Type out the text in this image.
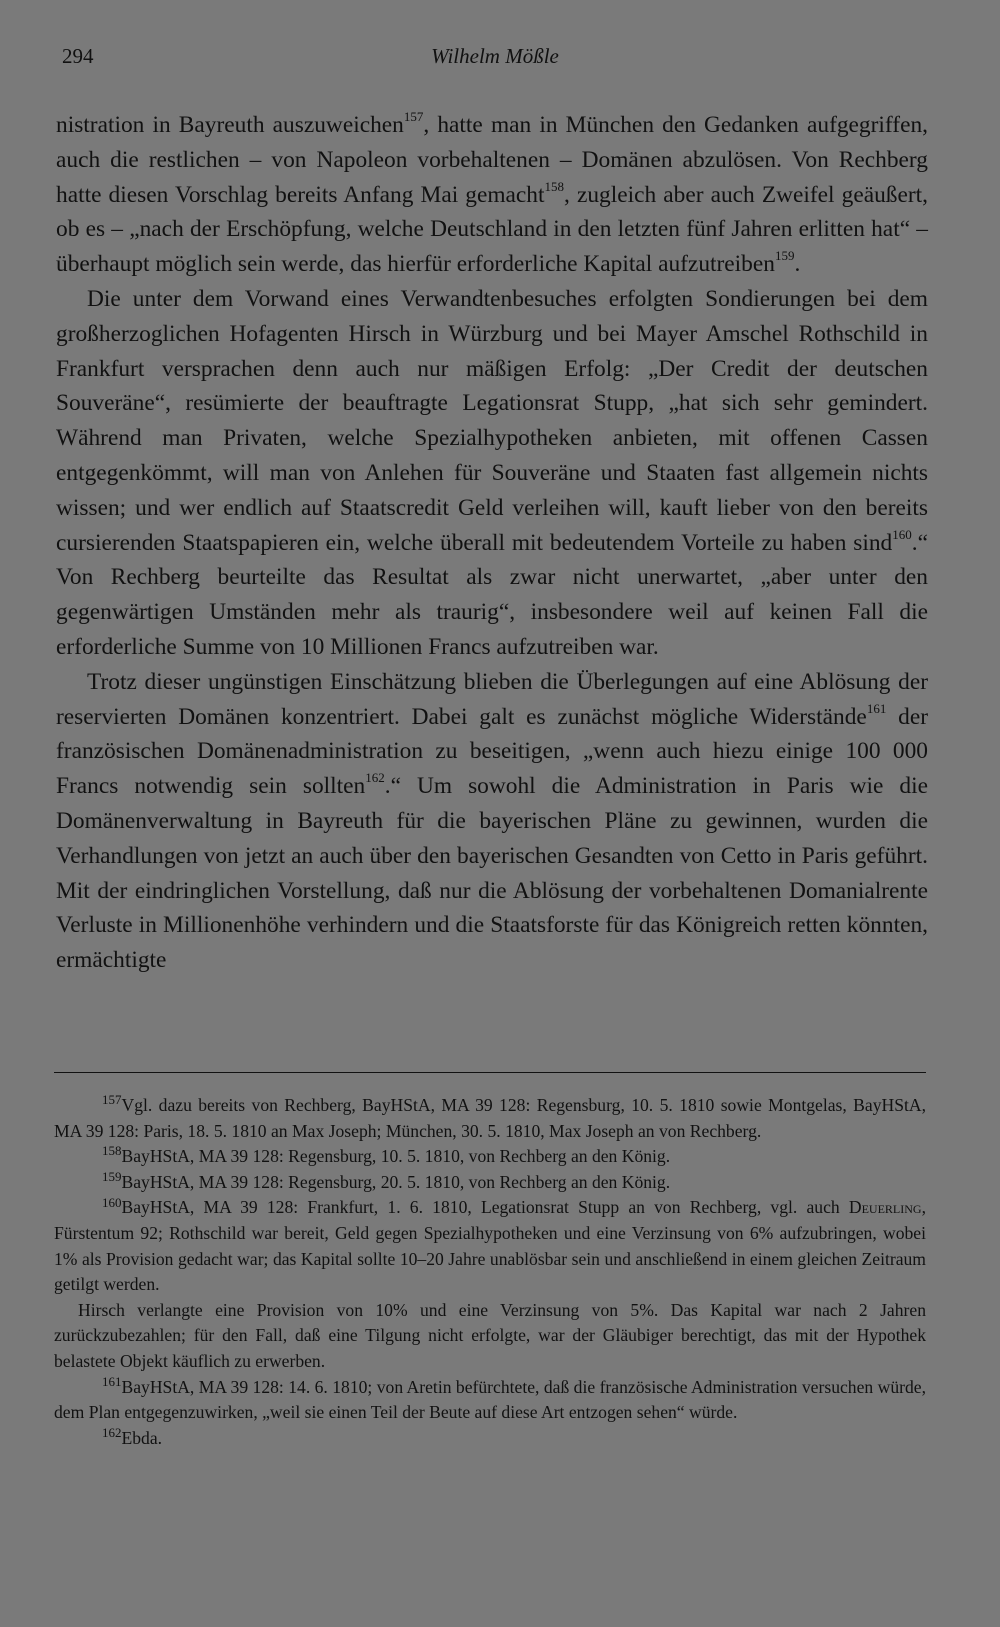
294	Wilhelm Mößle

nistration in Bayreuth auszuweichen$^{157}$, hatte man in München den Gedanken aufgegriffen, auch die restlichen – von Napoleon vorbehaltenen – Domänen abzulösen. Von Rechberg hatte diesen Vorschlag bereits Anfang Mai gemacht$^{158}$, zugleich aber auch Zweifel geäußert, ob es – „nach der Erschöpfung, welche Deutschland in den letzten fünf Jahren erlitten hat“ – überhaupt möglich sein werde, das hierfür erforderliche Kapital aufzutreiben$^{159}$.

Die unter dem Vorwand eines Verwandtenbesuches erfolgten Sondierungen bei dem großherzoglichen Hofagenten Hirsch in Würzburg und bei Mayer Amschel Rothschild in Frankfurt versprachen denn auch nur mäßigen Erfolg: „Der Credit der deutschen Souveräne“, resümierte der beauftragte Legationsrat Stupp, „hat sich sehr gemindert. Während man Privaten, welche Spezialhypotheken anbieten, mit offenen Cassen entgegenkömmt, will man von Anlehen für Souveräne und Staaten fast allgemein nichts wissen; und wer endlich auf Staatscredit Geld verleihen will, kauft lieber von den bereits cursierenden Staatspapieren ein, welche überall mit bedeutendem Vorteile zu haben sind$^{160}$.“ Von Rechberg beurteilte das Resultat als zwar nicht unerwartet, „aber unter den gegenwärtigen Umständen mehr als traurig“, insbesondere weil auf keinen Fall die erforderliche Summe von 10 Millionen Francs aufzutreiben war.

Trotz dieser ungünstigen Einschätzung blieben die Überlegungen auf eine Ablösung der reservierten Domänen konzentriert. Dabei galt es zunächst mögliche Widerstände$^{161}$ der französischen Domänenadministration zu beseitigen, „wenn auch hiezu einige 100 000 Francs notwendig sein sollten$^{162}$.“ Um sowohl die Administration in Paris wie die Domänenverwaltung in Bayreuth für die bayerischen Pläne zu gewinnen, wurden die Verhandlungen von jetzt an auch über den bayerischen Gesandten von Cetto in Paris geführt. Mit der eindringlichen Vorstellung, daß nur die Ablösung der vorbehaltenen Domanialrente Verluste in Millionenhöhe verhindern und die Staatsforste für das Königreich retten könnten, ermächtigte

157Vgl. dazu bereits von Rechberg, BayHStA, MA 39 128: Regensburg, 10. 5. 1810 sowie Montgelas, BayHStA, MA 39 128: Paris, 18. 5. 1810 an Max Joseph; München, 30. 5. 1810, Max Joseph an von Rechberg.

158BayHStA, MA 39 128: Regensburg, 10. 5. 1810, von Rechberg an den König.

159BayHStA, MA 39 128: Regensburg, 20. 5. 1810, von Rechberg an den König.

160BayHStA, MA 39 128: Frankfurt, 1. 6. 1810, Legationsrat Stupp an von Rechberg, vgl. auch Deuerling, Fürstentum 92; Rothschild war bereit, Geld gegen Spezialhypotheken und eine Verzinsung von 6% aufzubringen, wobei 1% als Provision gedacht war; das Kapital sollte 10–20 Jahre unablösbar sein und anschließend in einem gleichen Zeitraum getilgt werden.

Hirsch verlangte eine Provision von 10% und eine Verzinsung von 5%. Das Kapital war nach 2 Jahren zurückzubezahlen; für den Fall, daß eine Tilgung nicht erfolgte, war der Gläubiger berechtigt, das mit der Hypothek belastete Objekt käuflich zu erwerben.

161BayHStA, MA 39 128: 14. 6. 1810; von Aretin befürchtete, daß die französische Administration versuchen würde, dem Plan entgegenzuwirken, „weil sie einen Teil der Beute auf diese Art entzogen sehen“ würde.

162Ebda.
